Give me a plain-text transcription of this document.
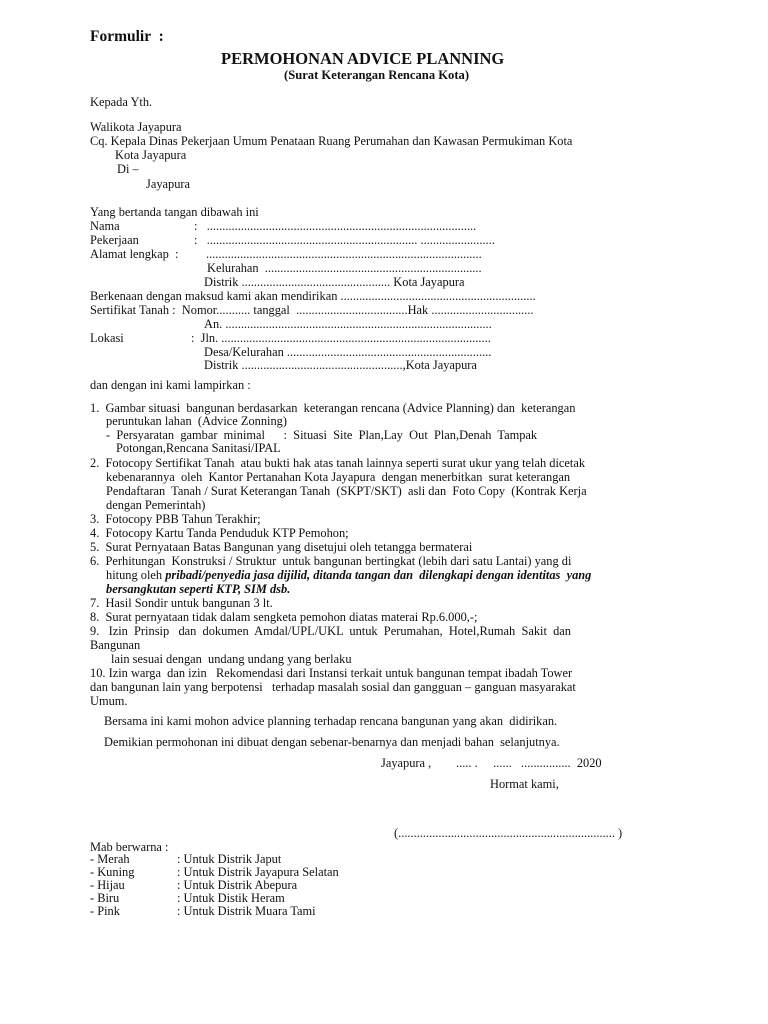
Formulir  :
PERMOHONAN ADVICE PLANNING
(Surat Keterangan Rencana Kota)
Kepada Yth.
Walikota Jayapura
Cq. Kepala Dinas Pekerjaan Umum Penataan Ruang Perumahan dan Kawasan Permukiman Kota
Kota Jayapura
Di –
Jayapura
Yang bertanda tangan dibawah ini
Nama	:   .......................................................................................
Pekerjaan	:   .................................................................... ........................
Alamat lengkap  : .........................................................................................
Kelurahan  ......................................................................
Distrik ................................................ Kota Jayapura
Berkenaan dengan maksud kami akan mendirikan ...............................................................
Sertifikat Tanah :  Nomor........... tanggal  ....................................Hak .................................
An. ......................................................................................
Lokasi	:  Jln. .......................................................................................
Desa/Kelurahan ..................................................................
Distrik ....................................................,Kota Jayapura
dan dengan ini kami lampirkan :
1.  Gambar situasi  bangunan berdasarkan  keterangan rencana (Advice Planning) dan  keterangan
peruntukan lahan  (Advice Zonning)
-  Persyaratan  gambar  minimal      :  Situasi  Site  Plan,Lay  Out  Plan,Denah  Tampak
Potongan,Rencana Sanitasi/IPAL
2.  Fotocopy Sertifikat Tanah  atau bukti hak atas tanah lainnya seperti surat ukur yang telah dicetak
kebenarannya  oleh  Kantor Pertanahan Kota Jayapura  dengan menerbitkan  surat keterangan
Pendaftaran  Tanah / Surat Keterangan Tanah  (SKPT/SKT)  asli dan  Foto Copy  (Kontrak Kerja
dengan Pemerintah)
3.  Fotocopy PBB Tahun Terakhir;
4.  Fotocopy Kartu Tanda Penduduk KTP Pemohon;
5.  Surat Pernyataan Batas Bangunan yang disetujui oleh tetangga bermaterai
6.  Perhitungan  Konstruksi / Struktur  untuk bangunan bertingkat (lebih dari satu Lantai) yang di
hitung oleh pribadi/penyedia jasa dijilid, ditanda tangan dan  dilengkapi dengan identitas  yang
bersangkutan seperti KTP, SIM dsb.
7.  Hasil Sondir untuk bangunan 3 lt.
8.  Surat pernyataan tidak dalam sengketa pemohon diatas materai Rp.6.000,-;
9.   Izin  Prinsip   dan  dokumen  Amdal/UPL/UKL  untuk  Perumahan,  Hotel,Rumah  Sakit  dan
Bangunan
lain sesuai dengan  undang undang yang berlaku
10. Izin warga  dan izin   Rekomendasi dari Instansi terkait untuk bangunan tempat ibadah Tower
dan bangunan lain yang berpotensi   terhadap masalah sosial dan gangguan – ganguan masyarakat
Umum.
Bersama ini kami mohon advice planning terhadap rencana bangunan yang akan  didirikan.
Demikian permohonan ini dibuat dengan sebenar-benarnya dan menjadi bahan  selanjutnya.
Jayapura ,        ..... .     ......   ................  2020
Hormat kami,
(...................................................................... )
Mab berwarna :
- Merah	: Untuk Distrik Japut
- Kuning	: Untuk Distrik Jayapura Selatan
- Hijau	: Untuk Distrik Abepura
- Biru	: Untuk Distik Heram
- Pink	: Untuk Distrik Muara Tami
